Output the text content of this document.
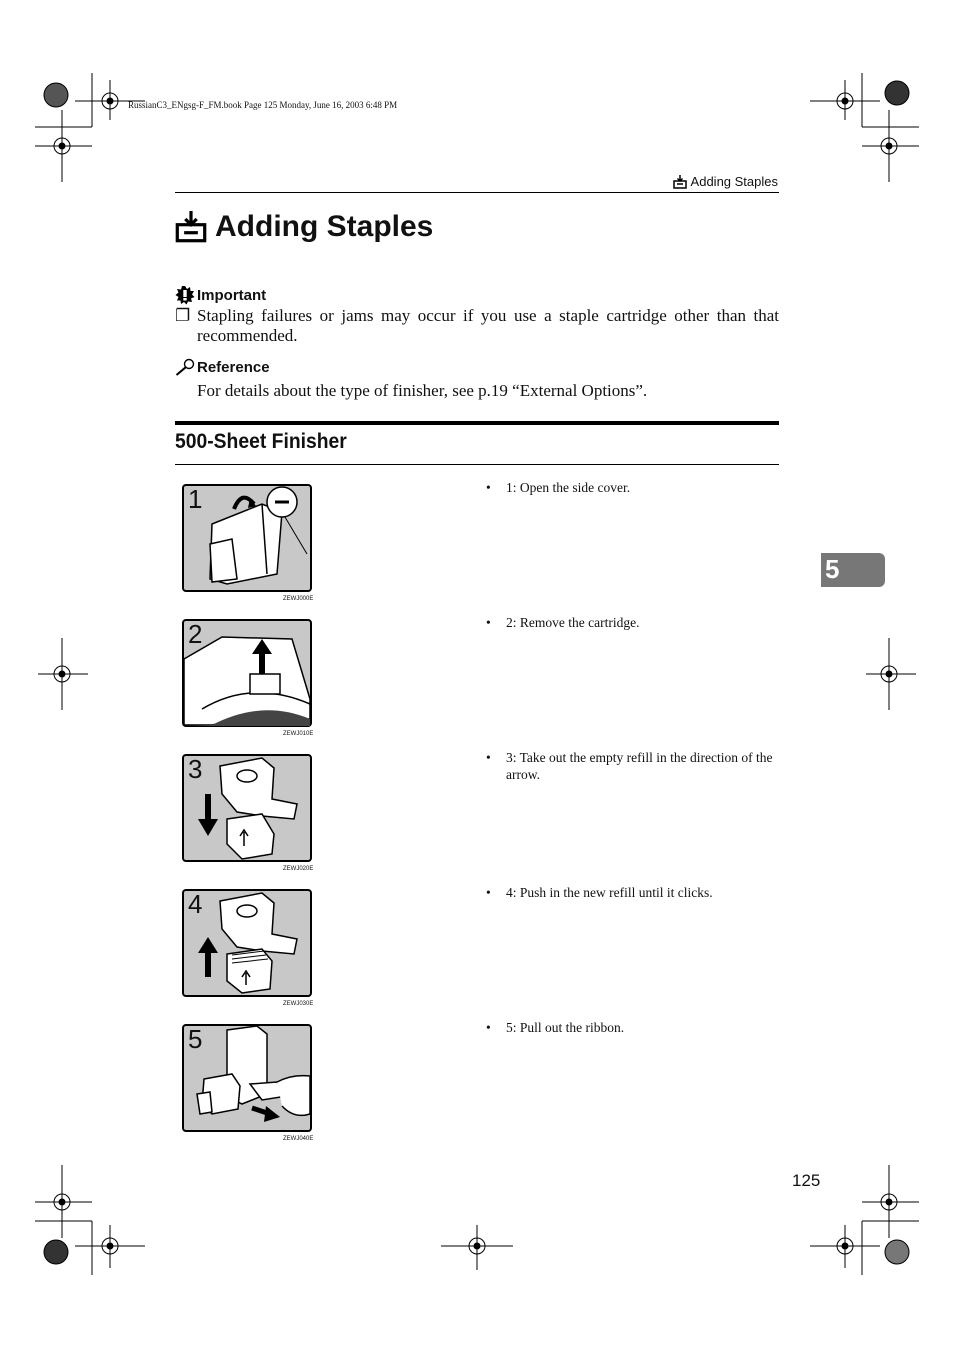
RussianC3_ENgsg-F_FM.book Page 125 Monday, June 16, 2003 6:48 PM
Adding Staples
Adding Staples
Important
❐ Stapling failures or jams may occur if you use a staple cartridge other than that recommended.
Reference
For details about the type of finisher, see p.19 “External Options”.
500-Sheet Finisher
1
ZEWJ000E
• 1: Open the side cover.
2
ZEWJ010E
• 2: Remove the cartridge.
3
ZEWJ020E
• 3: Take out the empty refill in the direction of the arrow.
4
ZEWJ030E
• 4: Push in the new refill until it clicks.
5
ZEWJ040E
• 5: Pull out the ribbon.
5
125
